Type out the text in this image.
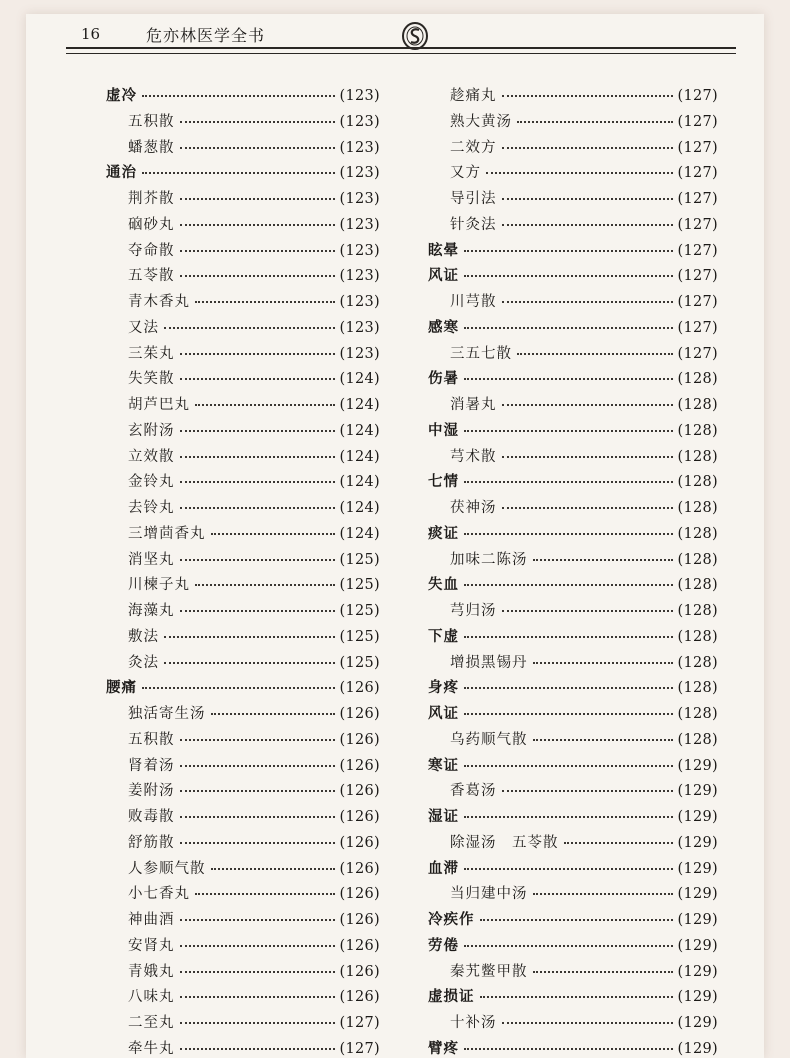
16	危亦林医学全书
虚冷	(123)
五积散	(123)
蟠葱散	(123)
通治	(123)
荆芥散	(123)
硇砂丸	(123)
夺命散	(123)
五苓散	(123)
青木香丸	(123)
又法	(123)
三茱丸	(123)
失笑散	(124)
胡芦巴丸	(124)
玄附汤	(124)
立效散	(124)
金铃丸	(124)
去铃丸	(124)
三增茴香丸	(124)
消坚丸	(125)
川楝子丸	(125)
海藻丸	(125)
敷法	(125)
灸法	(125)
腰痛	(126)
独活寄生汤	(126)
五积散	(126)
肾着汤	(126)
姜附汤	(126)
败毒散	(126)
舒筋散	(126)
人参顺气散	(126)
小七香丸	(126)
神曲酒	(126)
安肾丸	(126)
青娥丸	(126)
八味丸	(126)
二至丸	(127)
牵牛丸	(127)
趁痛丸	(127)
熟大黄汤	(127)
二效方	(127)
又方	(127)
导引法	(127)
针灸法	(127)
眩晕	(127)
风证	(127)
川芎散	(127)
感寒	(127)
三五七散	(127)
伤暑	(128)
消暑丸	(128)
中湿	(128)
芎术散	(128)
七情	(128)
茯神汤	(128)
痰证	(128)
加味二陈汤	(128)
失血	(128)
芎归汤	(128)
下虚	(128)
增损黑锡丹	(128)
身疼	(128)
风证	(128)
乌药顺气散	(128)
寒证	(129)
香葛汤	(129)
湿证	(129)
除湿汤　五苓散	(129)
血滞	(129)
当归建中汤	(129)
冷疾作	(129)
劳倦	(129)
秦艽鳖甲散	(129)
虚损证	(129)
十补汤	(129)
臂疼	(129)
